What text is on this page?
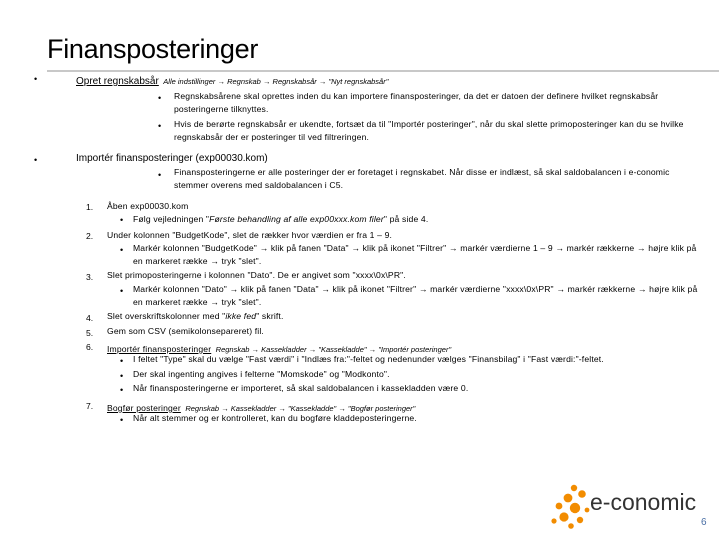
Finansposteringer
•	Opret regnskabsår Alle indstillinger → Regnskab → Regnskabsår → "Nyt regnskabsår"
• Regnskabsårene skal oprettes inden du kan importere finansposteringer, da det er datoen der definere hvilket regnskabsår posteringerne tilknyttes.
• Hvis de berørte regnskabsår er ukendte, fortsæt da til "Importér posteringer", når du skal slette primoposteringer kan du se hvilke regnskabsår der er posteringer til ved filtreringen.
•	Importér finansposteringer (exp00030.kom)
• Finansposteringerne er alle posteringer der er foretaget i regnskabet. Når disse er indlæst, så skal saldobalancen i e-conomic stemmer overens med saldobalancen i C5.
1. Åben exp00030.kom
• Følg vejledningen "Første behandling af alle exp00xxx.kom filer" på side 4.
2. Under kolonnen "BudgetKode", slet de rækker hvor værdien er fra 1 – 9.
• Markér kolonnen "BudgetKode" → klik på fanen "Data" → klik på ikonet "Filtrer" → markér værdierne 1 – 9 → markér rækkerne → højre klik på en markeret række → tryk "slet".
3. Slet primoposteringerne i kolonnen "Dato". De er angivet som "xxxx\0x\PR".
• Markér kolonnen "Dato" → klik på fanen "Data" → klik på ikonet "Filtrer" → markér værdierne "xxxx\0x\PR" → markér rækkerne → højre klik på en markeret række → tryk "slet".
4. Slet overskriftskolonner med "ikke fed" skrift.
5. Gem som CSV (semikolonsepareret) fil.
6. Importér finansposteringer Regnskab → Kassekladder → "Kassekladde" → "Importér posteringer"
• I feltet "Type" skal du vælge "Fast værdi" i "Indlæs fra:"-feltet og nedenunder vælges "Finansbilag" i "Fast værdi:"-feltet.
• Der skal ingenting angives i felterne "Momskode" og "Modkonto".
• Når finansposteringerne er importeret, så skal saldobalancen i kassekladden være 0.
7. Bogfør posteringer Regnskab → Kassekladder → "Kassekladde" → "Bogfør posteringer"
• Når alt stemmer og er kontrolleret, kan du bogføre kladdeposteringerne.
e-conomic
6
